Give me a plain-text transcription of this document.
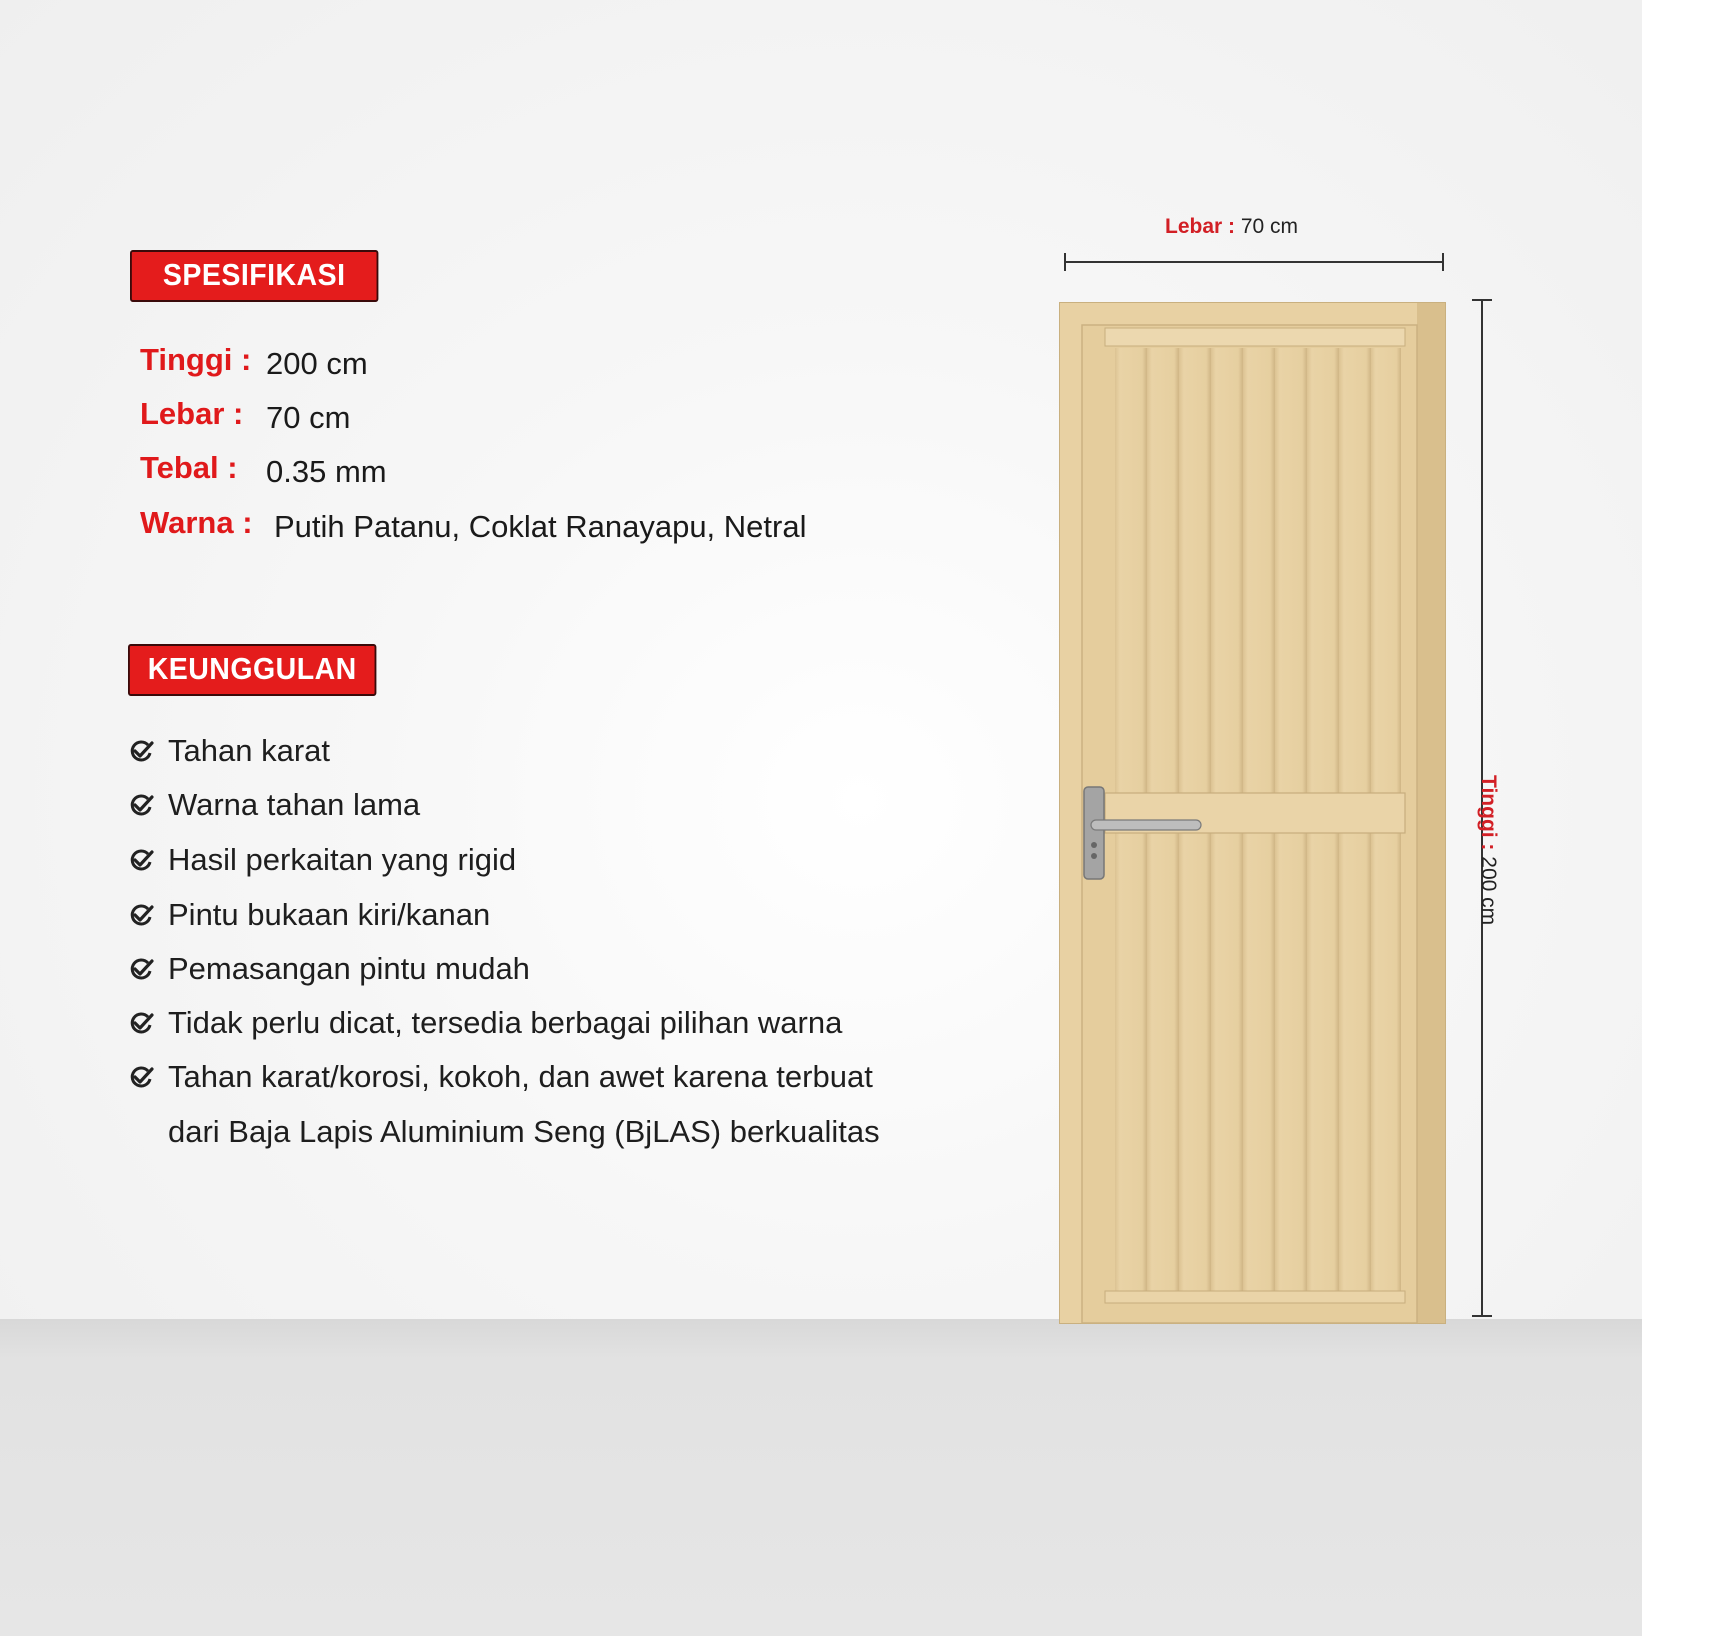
SPESIFIKASI
Tinggi : 200 cm
Lebar : 70 cm
Tebal : 0.35 mm
Warna : Putih Patanu, Coklat Ranayapu, Netral
KEUNGGULAN
Tahan karat
Warna tahan lama
Hasil perkaitan yang rigid
Pintu bukaan kiri/kanan
Pemasangan pintu mudah
Tidak perlu dicat, tersedia berbagai pilihan warna
Tahan karat/korosi, kokoh, dan awet karena terbuat
dari Baja Lapis Aluminium Seng (BjLAS) berkualitas
Lebar : 70 cm
Tinggi : 200 cm
